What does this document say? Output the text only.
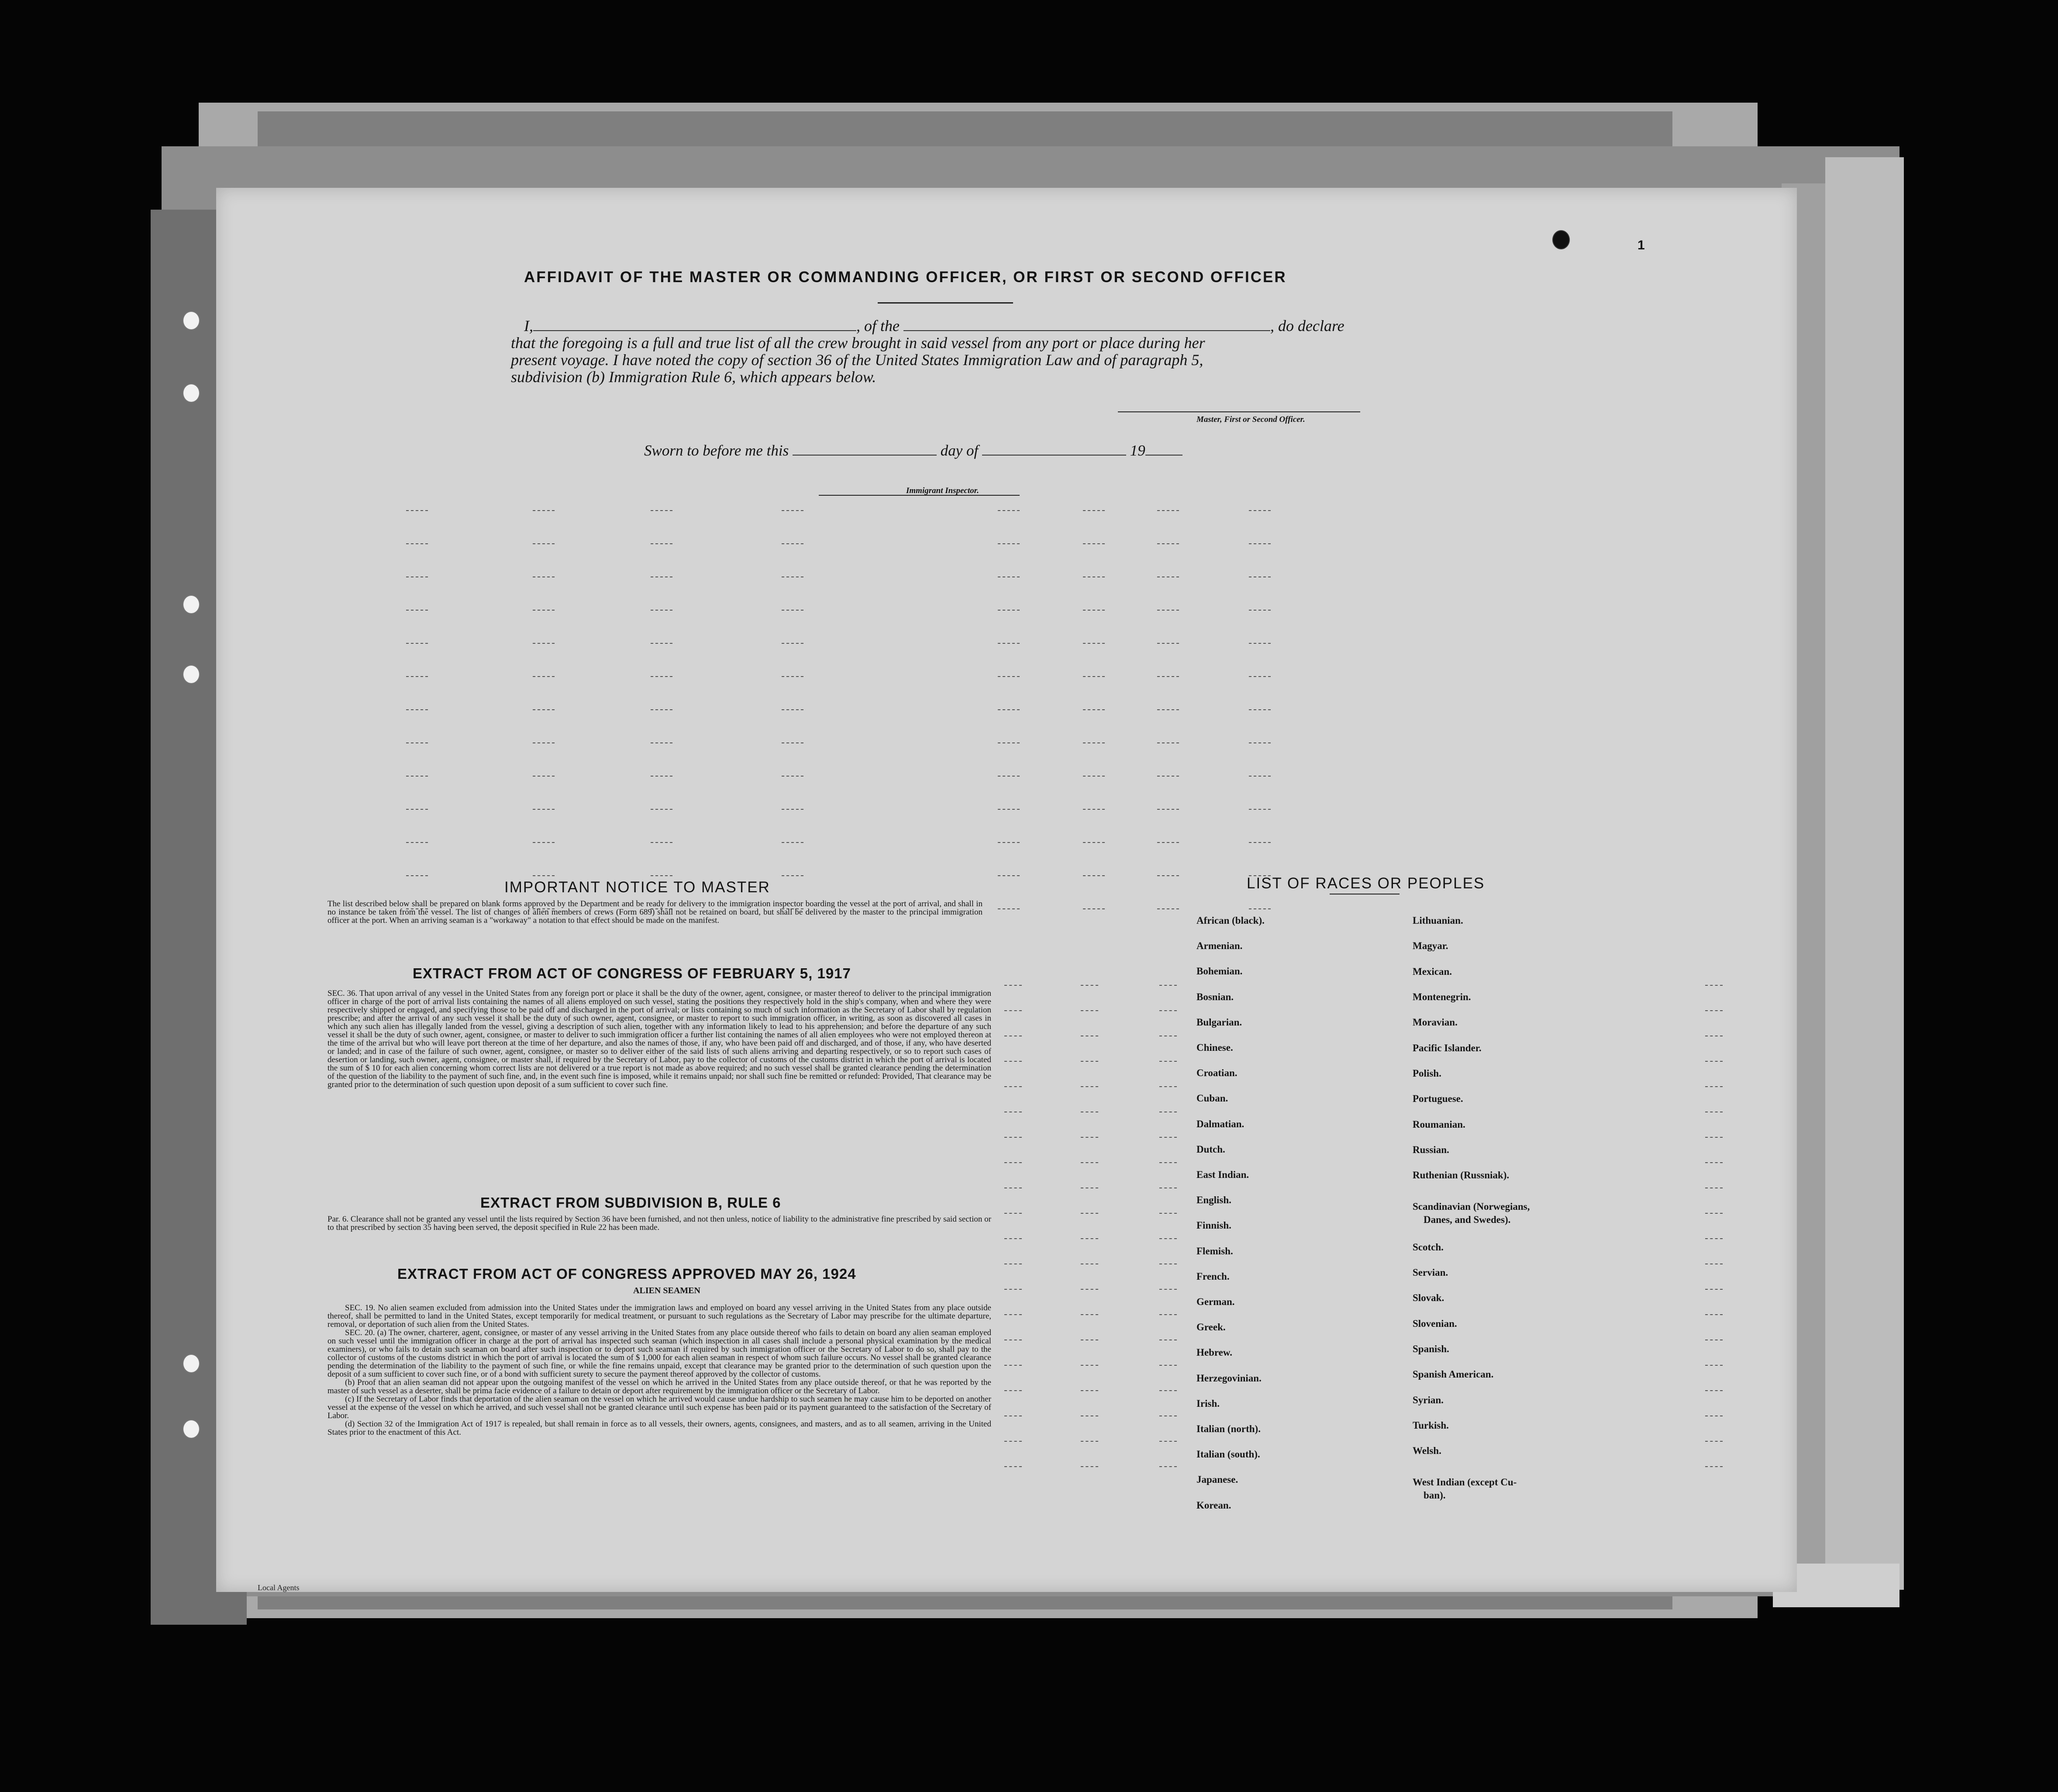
1
AFFIDAVIT OF THE MASTER OR COMMANDING OFFICER, OR FIRST OR SECOND OFFICER
I,	, of the	, do declare
that the foregoing is a full and true list of all the crew brought in said vessel from any port or place during her
present voyage. I have noted the copy of section 36 of the United States Immigration Law and of paragraph 5,
subdivision (b) Immigration Rule 6, which appears below.
Master, First or Second Officer.
Sworn to before me this	day of	19
Immigrant Inspector.
IMPORTANT NOTICE TO MASTER
The list described below shall be prepared on blank forms approved by the Department and be ready for delivery to the immigration inspector boarding the vessel at the port of arrival, and shall in no instance be taken from the vessel. The list of changes of alien members of crews (Form 689) shall not be retained on board, but shall be delivered by the master to the principal immigration officer at the port. When an arriving seaman is a "workaway" a notation to that effect should be made on the manifest.
EXTRACT FROM ACT OF CONGRESS OF FEBRUARY 5, 1917
SEC. 36. That upon arrival of any vessel in the United States from any foreign port or place it shall be the duty of the owner, agent, consignee, or master thereof to deliver to the principal immigration officer in charge of the port of arrival lists containing the names of all aliens employed on such vessel, stating the positions they respectively hold in the ship's company, when and where they were respectively shipped or engaged, and specifying those to be paid off and discharged in the port of arrival; or lists containing so much of such information as the Secretary of Labor shall by regulation prescribe; and after the arrival of any such vessel it shall be the duty of such owner, agent, consignee, or master to report to such immigration officer, in writing, as soon as discovered all cases in which any such alien has illegally landed from the vessel, giving a description of such alien, together with any information likely to lead to his apprehension; and before the departure of any such vessel it shall be the duty of such owner, agent, consignee, or master to deliver to such immigration officer a further list containing the names of all alien employees who were not employed thereon at the time of the arrival but who will leave port thereon at the time of her departure, and also the names of those, if any, who have been paid off and discharged, and of those, if any, who have deserted or landed; and in case of the failure of such owner, agent, consignee, or master so to deliver either of the said lists of such aliens arriving and departing respectively, or so to report such cases of desertion or landing, such owner, agent, consignee, or master shall, if required by the Secretary of Labor, pay to the collector of customs of the customs district in which the port of arrival is located the sum of $ 10 for each alien concerning whom correct lists are not delivered or a true report is not made as above required; and no such vessel shall be granted clearance pending the determination of the question of the liability to the payment of such fine, and, in the event such fine is imposed, while it remains unpaid; nor shall such fine be remitted or refunded: Provided, That clearance may be granted prior to the determination of such question upon deposit of a sum sufficient to cover such fine.
EXTRACT FROM SUBDIVISION B, RULE 6
Par. 6. Clearance shall not be granted any vessel until the lists required by Section 36 have been furnished, and not then unless, notice of liability to the administrative fine prescribed by said section or to that prescribed by section 35 having been served, the deposit specified in Rule 22 has been made.
EXTRACT FROM ACT OF CONGRESS APPROVED MAY 26, 1924
ALIEN SEAMEN
SEC. 19. No alien seamen excluded from admission into the United States under the immigration laws and employed on board any vessel arriving in the United States from any place outside thereof, shall be permitted to land in the United States, except temporarily for medical treatment, or pursuant to such regulations as the Secretary of Labor may prescribe for the ultimate departure, removal, or deportation of such alien from the United States.
SEC. 20. (a) The owner, charterer, agent, consignee, or master of any vessel arriving in the United States from any place outside thereof who fails to detain on board any alien seaman employed on such vessel until the immigration officer in charge at the port of arrival has inspected such seaman (which inspection in all cases shall include a personal physical examination by the medical examiners), or who fails to detain such seaman on board after such inspection or to deport such seaman if required by such immigration officer or the Secretary of Labor to do so, shall pay to the collector of customs of the customs district in which the port of arrival is located the sum of $ 1,000 for each alien seaman in respect of whom such failure occurs. No vessel shall be granted clearance pending the determination of the liability to the payment of such fine, or while the fine remains unpaid, except that clearance may be granted prior to the determination of such question upon the deposit of a sum sufficient to cover such fine, or of a bond with sufficient surety to secure the payment thereof approved by the collector of customs.
(b) Proof that an alien seaman did not appear upon the outgoing manifest of the vessel on which he arrived in the United States from any place outside thereof, or that he was reported by the master of such vessel as a deserter, shall be prima facie evidence of a failure to detain or deport after requirement by the immigration officer or the Secretary of Labor.
(c) If the Secretary of Labor finds that deportation of the alien seaman on the vessel on which he arrived would cause undue hardship to such seamen he may cause him to be deported on another vessel at the expense of the vessel on which he arrived, and such vessel shall not be granted clearance until such expense has been paid or its payment guaranteed to the satisfaction of the Secretary of Labor.
(d) Section 32 of the Immigration Act of 1917 is repealed, but shall remain in force as to all vessels, their owners, agents, consignees, and masters, and as to all seamen, arriving in the United States prior to the enactment of this Act.
LIST OF RACES OR PEOPLES
African (black).
Armenian.
Bohemian.
Bosnian.
Bulgarian.
Chinese.
Croatian.
Cuban.
Dalmatian.
Dutch.
East Indian.
English.
Finnish.
Flemish.
French.
German.
Greek.
Hebrew.
Herzegovinian.
Irish.
Italian (north).
Italian (south).
Japanese.
Korean.
Lithuanian.
Magyar.
Mexican.
Montenegrin.
Moravian.
Pacific Islander.
Polish.
Portuguese.
Roumanian.
Russian.
Ruthenian (Russniak).
Scandinavian (Norwegians,
Danes, and Swedes).
Scotch.
Servian.
Slovak.
Slovenian.
Spanish.
Spanish American.
Syrian.
Turkish.
Welsh.
West Indian (except Cu-
ban).
Local Agents
